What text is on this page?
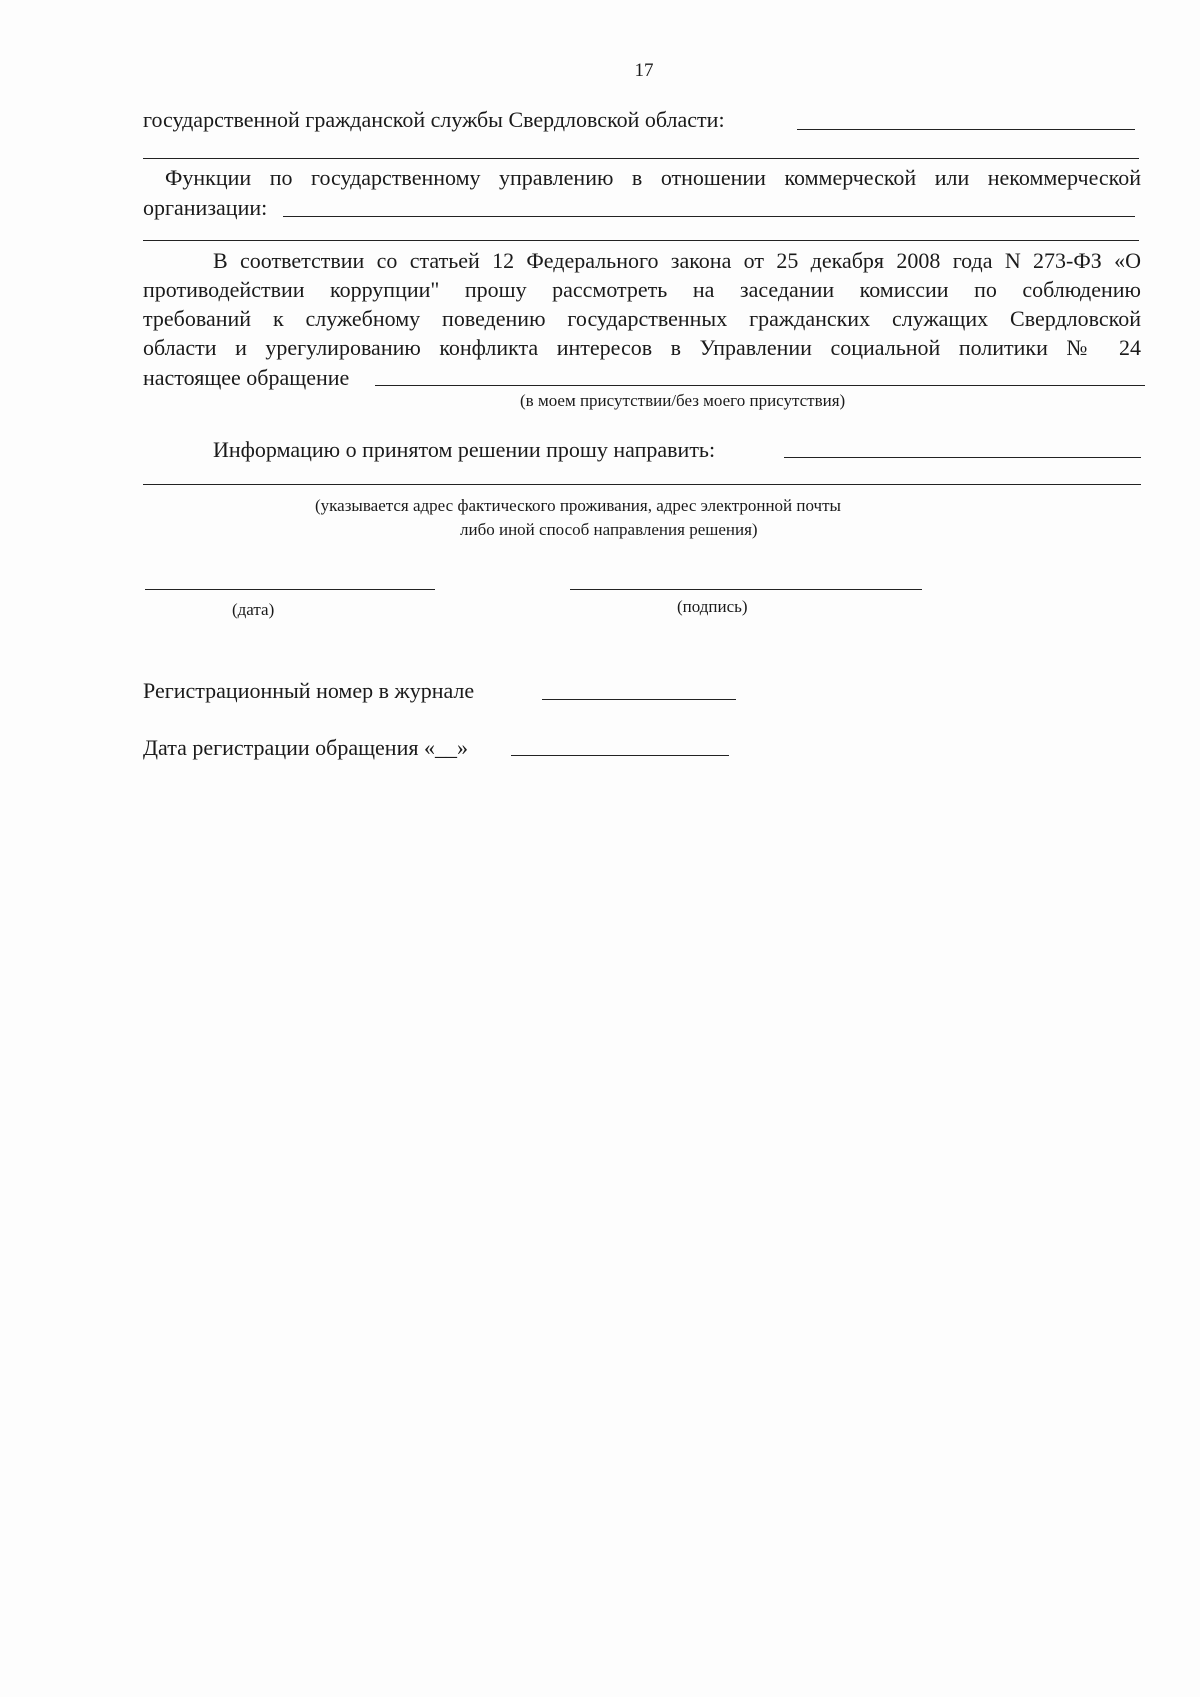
17
государственной гражданской службы Свердловской области:
Функции по государственному управлению в отношении коммерческой или некоммерческой
организации:
В соответствии со статьей 12 Федерального закона от 25 декабря 2008 года N 273-ФЗ «О
противодействии коррупции" прошу рассмотреть на заседании комиссии по соблюдению
требований к служебному поведению государственных гражданских служащих Свердловской
области и урегулированию конфликта интересов в Управлении социальной политики № 24
настоящее обращение
(в моем присутствии/без моего присутствия)
Информацию о принятом решении прошу направить:
(указывается адрес фактического проживания, адрес электронной почты
либо иной способ направления решения)
(дата)	(подпись)
Регистрационный номер в журнале
Дата регистрации обращения «__»
